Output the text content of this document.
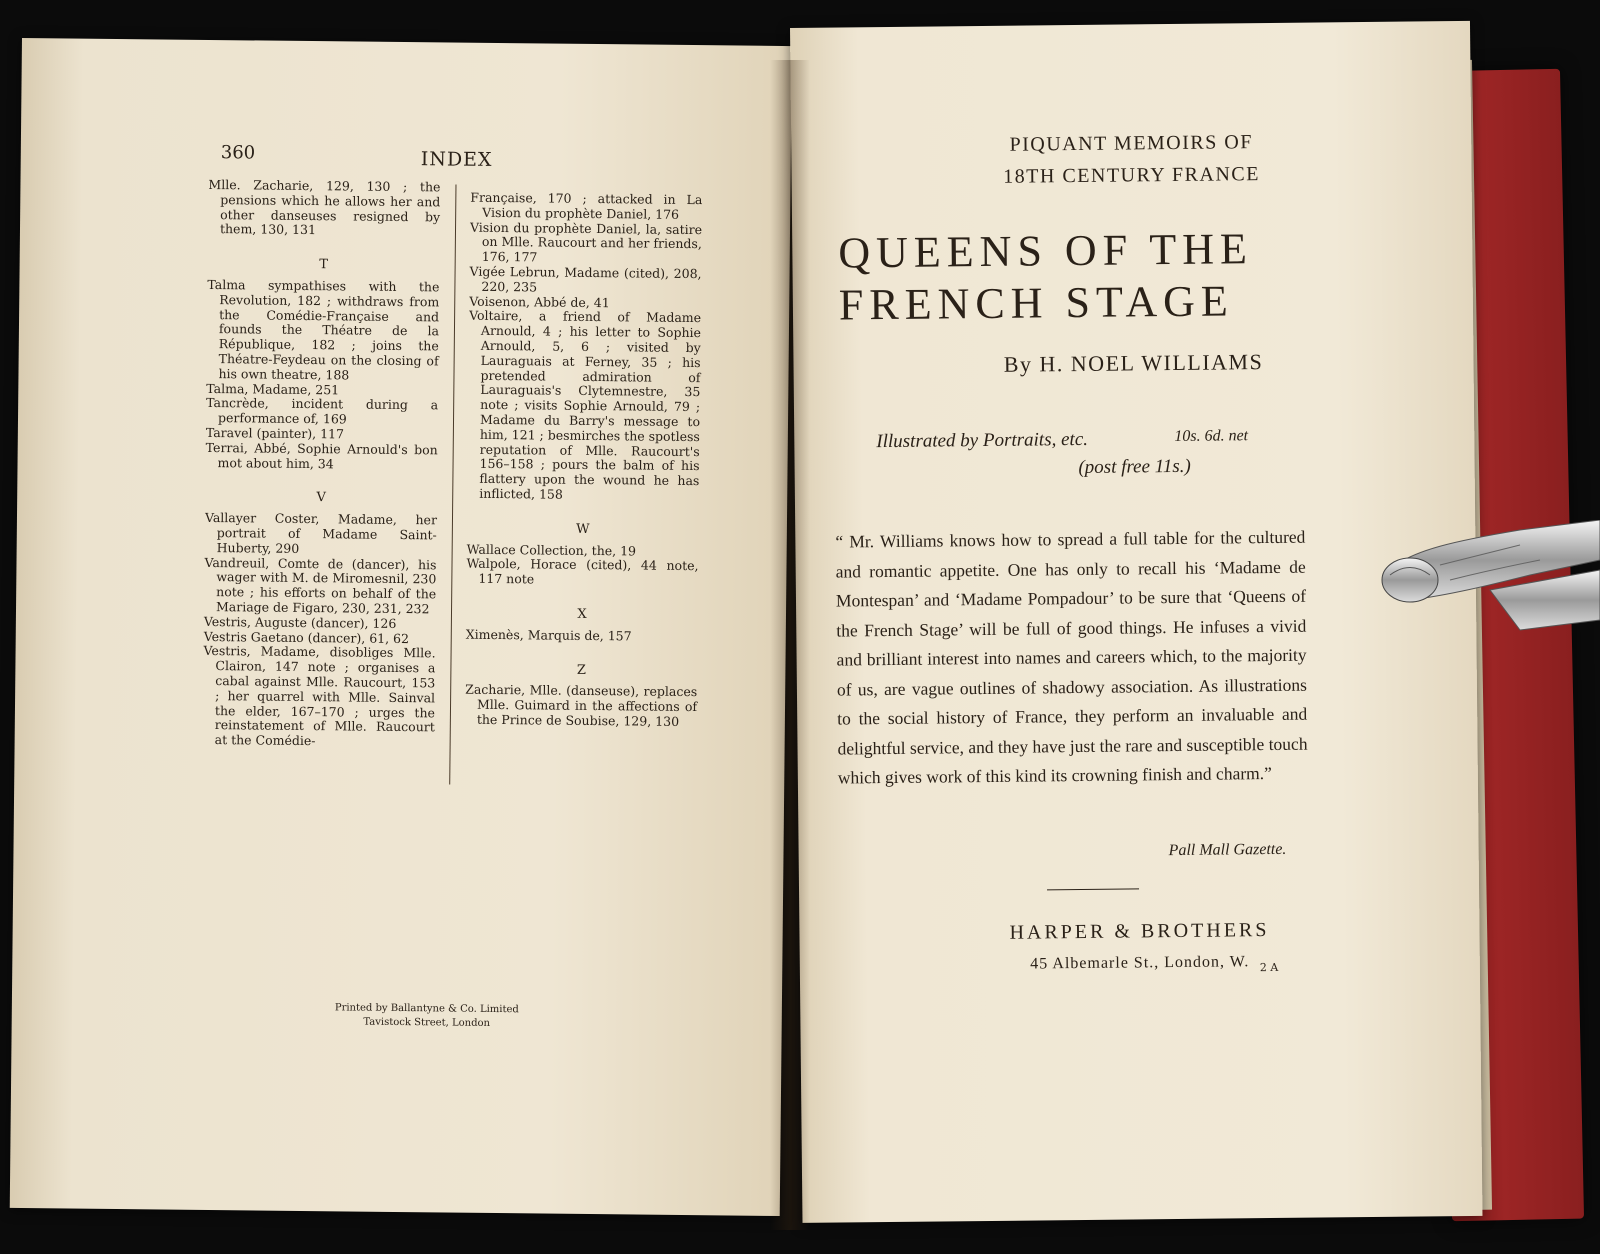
360	INDEX

Mlle. Zacharie, 129, 130 ; the pensions which he allows her and other danseuses resigned by them, 130, 131

T

Talma sympathises with the Revolution, 182 ; withdraws from the Comédie-Française and founds the Théatre de la République, 182 ; joins the Théatre-Feydeau on the closing of his own theatre, 188

Talma, Madame, 251

Tancrède, incident during a performance of, 169

Taravel (painter), 117

Terrai, Abbé, Sophie Arnould's bon mot about him, 34

V

Vallayer Coster, Madame, her portrait of Madame Saint-Huberty, 290

Vandreuil, Comte de (dancer), his wager with M. de Miromesnil, 230 note ; his efforts on behalf of the Mariage de Figaro, 230, 231, 232

Vestris, Auguste (dancer), 126

Vestris Gaetano (dancer), 61, 62

Vestris, Madame, disobliges Mlle. Clairon, 147 note ; organises a cabal against Mlle. Raucourt, 153 ; her quarrel with Mlle. Sainval the elder, 167–170 ; urges the reinstatement of Mlle. Raucourt at the Comédie-

Française, 170 ; attacked in La Vision du prophète Daniel, 176

Vision du prophète Daniel, la, satire on Mlle. Raucourt and her friends, 176, 177

Vigée Lebrun, Madame (cited), 208, 220, 235

Voisenon, Abbé de, 41

Voltaire, a friend of Madame Arnould, 4 ; his letter to Sophie Arnould, 5, 6 ; visited by Lauraguais at Ferney, 35 ; his pretended admiration of Lauraguais's Clytemnestre, 35 note ; visits Sophie Arnould, 79 ; Madame du Barry's message to him, 121 ; besmirches the spotless reputation of Mlle. Raucourt's 156–158 ; pours the balm of his flattery upon the wound he has inflicted, 158

W

Wallace Collection, the, 19

Walpole, Horace (cited), 44 note, 117 note

X

Ximenès, Marquis de, 157

Z

Zacharie, Mlle. (danseuse), replaces Mlle. Guimard in the affections of the Prince de Soubise, 129, 130

Printed by Ballantyne & Co. Limited
Tavistock Street, London
PIQUANT MEMOIRS OF
18TH CENTURY FRANCE
QUEENS OF THE
FRENCH STAGE
By H. NOEL WILLIAMS
Illustrated by Portraits, etc.	10s. 6d. net
(post free 11s.)
“ Mr. Williams knows how to spread a full table for the cultured and romantic appetite. One has only to recall his ‘Madame de Montespan’ and ‘Madame Pompadour’ to be sure that ‘Queens of the French Stage’ will be full of good things. He infuses a vivid and brilliant interest into names and careers which, to the majority of us, are vague outlines of shadowy association. As illustrations to the social history of France, they perform an invaluable and delightful service, and they have just the rare and susceptible touch which gives work of this kind its crowning finish and charm.”
Pall Mall Gazette.
HARPER & BROTHERS
45 Albemarle St., London, W. 2 A
